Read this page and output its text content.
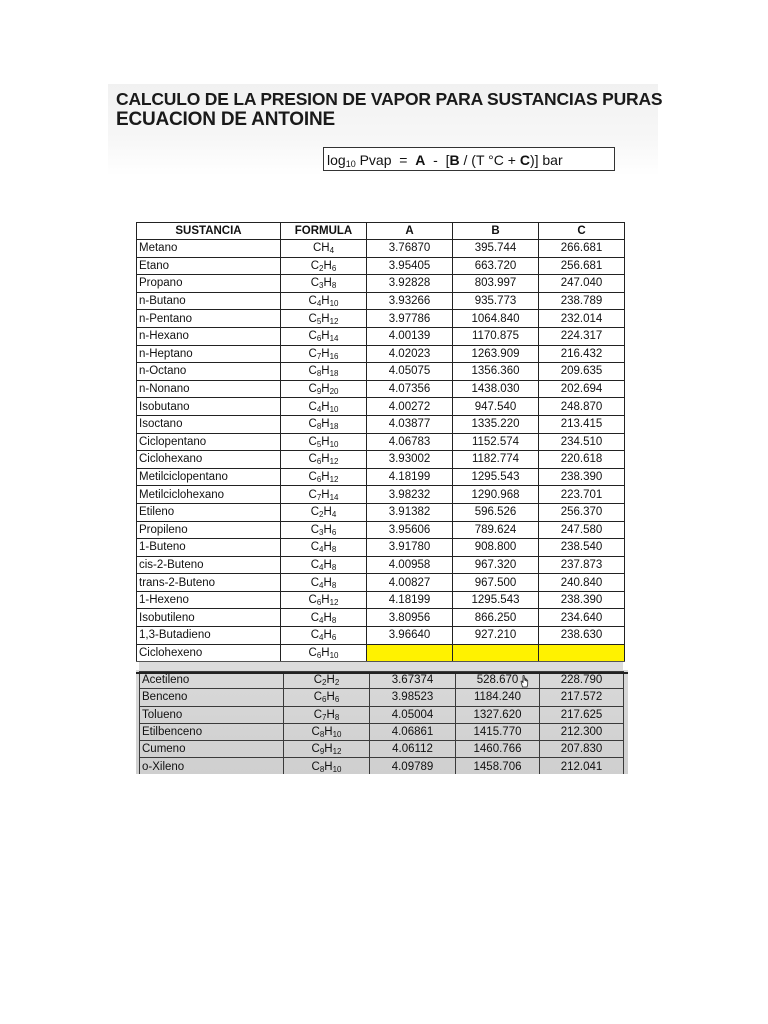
CALCULO DE LA PRESION DE VAPOR PARA SUSTANCIAS PURAS
ECUACION DE ANTOINE
$\log_{10}$ Pvap  =  A  -  [B / (T °C + C)] bar
SUSTANCIA	FORMULA	A	B	C
Metano	$CH_4$	3.76870	395.744	266.681
Etano	$C_2H_6$	3.95405	663.720	256.681
Propano	$C_3H_8$	3.92828	803.997	247.040
n-Butano	$C_4H_{10}$	3.93266	935.773	238.789
n-Pentano	$C_5H_{12}$	3.97786	1064.840	232.014
n-Hexano	$C_6H_{14}$	4.00139	1170.875	224.317
n-Heptano	$C_7H_{16}$	4.02023	1263.909	216.432
n-Octano	$C_8H_{18}$	4.05075	1356.360	209.635
n-Nonano	$C_9H_{20}$	4.07356	1438.030	202.694
Isobutano	$C_4H_{10}$	4.00272	947.540	248.870
Isoctano	$C_8H_{18}$	4.03877	1335.220	213.415
Ciclopentano	$C_5H_{10}$	4.06783	1152.574	234.510
Ciclohexano	$C_6H_{12}$	3.93002	1182.774	220.618
Metilciclopentano	$C_6H_{12}$	4.18199	1295.543	238.390
Metilciclohexano	$C_7H_{14}$	3.98232	1290.968	223.701
Etileno	$C_2H_4$	3.91382	596.526	256.370
Propileno	$C_3H_6$	3.95606	789.624	247.580
1-Buteno	$C_4H_8$	3.91780	908.800	238.540
cis-2-Buteno	$C_4H_8$	4.00958	967.320	237.873
trans-2-Buteno	$C_4H_8$	4.00827	967.500	240.840
1-Hexeno	$C_6H_{12}$	4.18199	1295.543	238.390
Isobutileno	$C_4H_8$	3.80956	866.250	234.640
1,3-Butadieno	$C_4H_6$	3.96640	927.210	238.630
Ciclohexeno	$C_6H_{10}$			
Acetileno	$C_2H_2$	3.67374	528.670	228.790
Benceno	$C_6H_6$	3.98523	1184.240	217.572
Tolueno	$C_7H_8$	4.05004	1327.620	217.625
Etilbenceno	$C_8H_{10}$	4.06861	1415.770	212.300
Cumeno	$C_9H_{12}$	4.06112	1460.766	207.830
o-Xileno	$C_8H_{10}$	4.09789	1458.706	212.041
